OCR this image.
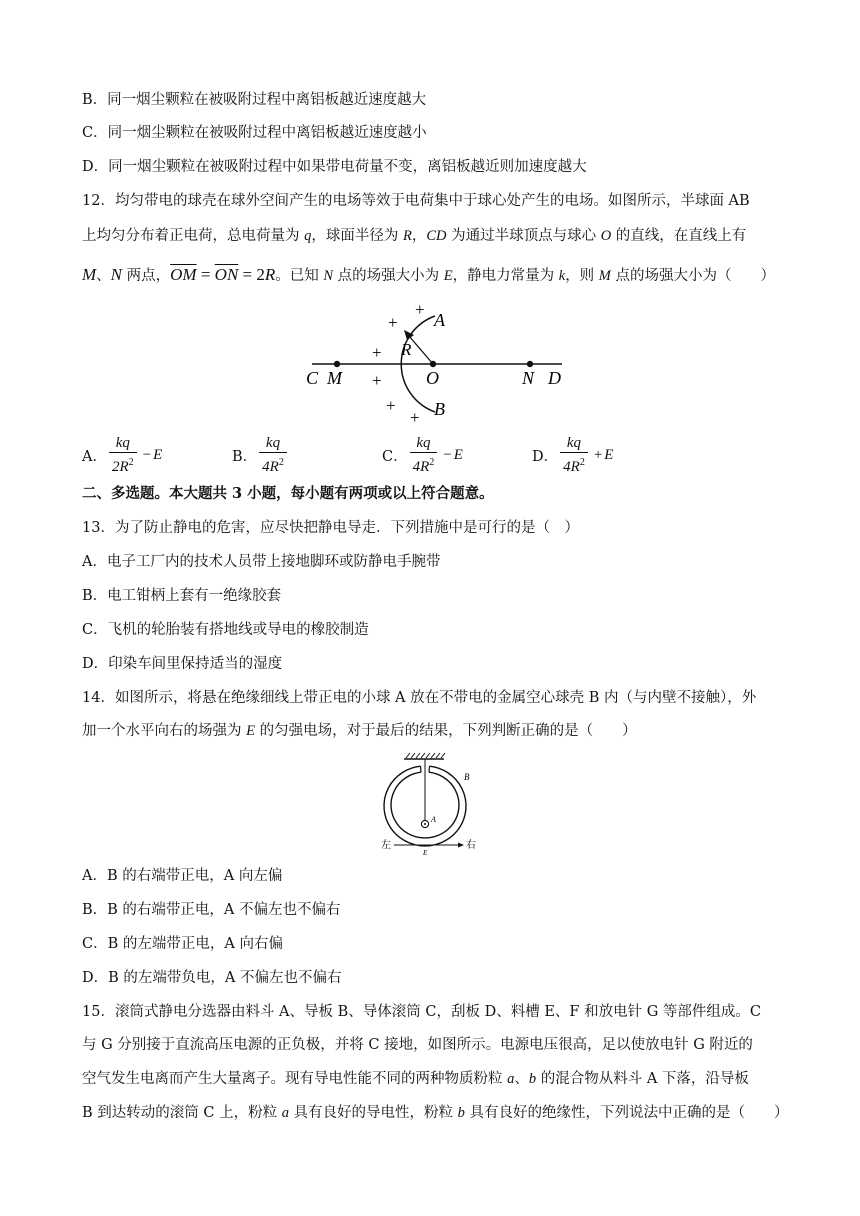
B．同一烟尘颗粒在被吸附过程中离铝板越近速度越大
C．同一烟尘颗粒在被吸附过程中离铝板越近速度越小
D．同一烟尘颗粒在被吸附过程中如果带电荷量不变，离铝板越近则加速度越大
12．均匀带电的球壳在球外空间产生的电场等效于电荷集中于球心处产生的电场。如图所示，半球面 AB
上均匀分布着正电荷，总电荷量为 q，球面半径为 R，CD 为通过半球顶点与球心 O 的直线，在直线上有
M、N 两点，$\overline{OM} = \overline{ON} = 2R$。已知 N 点的场强大小为 E，静电力常量为 k，则 M 点的场强大小为（　　）
C M	O	N D
A
B
R
+
+
+
+
+
+
A． $\frac{kq}{2R^2} - E$	B． $\frac{kq}{4R^2}$	C． $\frac{kq}{4R^2} - E$	D． $\frac{kq}{4R^2} + E$
二、多选题。本大题共 3 小题，每小题有两项或以上符合题意。
13．为了防止静电的危害，应尽快把静电导走．下列措施中是可行的是（　）
A．电子工厂内的技术人员带上接地脚环或防静电手腕带
B．电工钳柄上套有一绝缘胶套
C．飞机的轮胎装有搭地线或导电的橡胶制造
D．印染车间里保持适当的湿度
14．如图所示，将悬在绝缘细线上带正电的小球 A 放在不带电的金属空心球壳 B 内（与内壁不接触），外
加一个水平向右的场强为 E 的匀强电场，对于最后的结果，下列判断正确的是（　　）
B
A
左	右
E
A．B 的右端带正电，A 向左偏
B．B 的右端带正电，A 不偏左也不偏右
C．B 的左端带正电，A 向右偏
D．B 的左端带负电，A 不偏左也不偏右
15．滚筒式静电分选器由料斗 A、导板 B、导体滚筒 C，刮板 D、料槽 E、F 和放电针 G 等部件组成。C
与 G 分别接于直流高压电源的正负极，并将 C 接地，如图所示。电源电压很高，足以使放电针 G 附近的
空气发生电离而产生大量离子。现有导电性能不同的两种物质粉粒 a、b 的混合物从料斗 A 下落，沿导板
B 到达转动的滚筒 C 上，粉粒 a 具有良好的导电性，粉粒 b 具有良好的绝缘性，下列说法中正确的是（　　）
